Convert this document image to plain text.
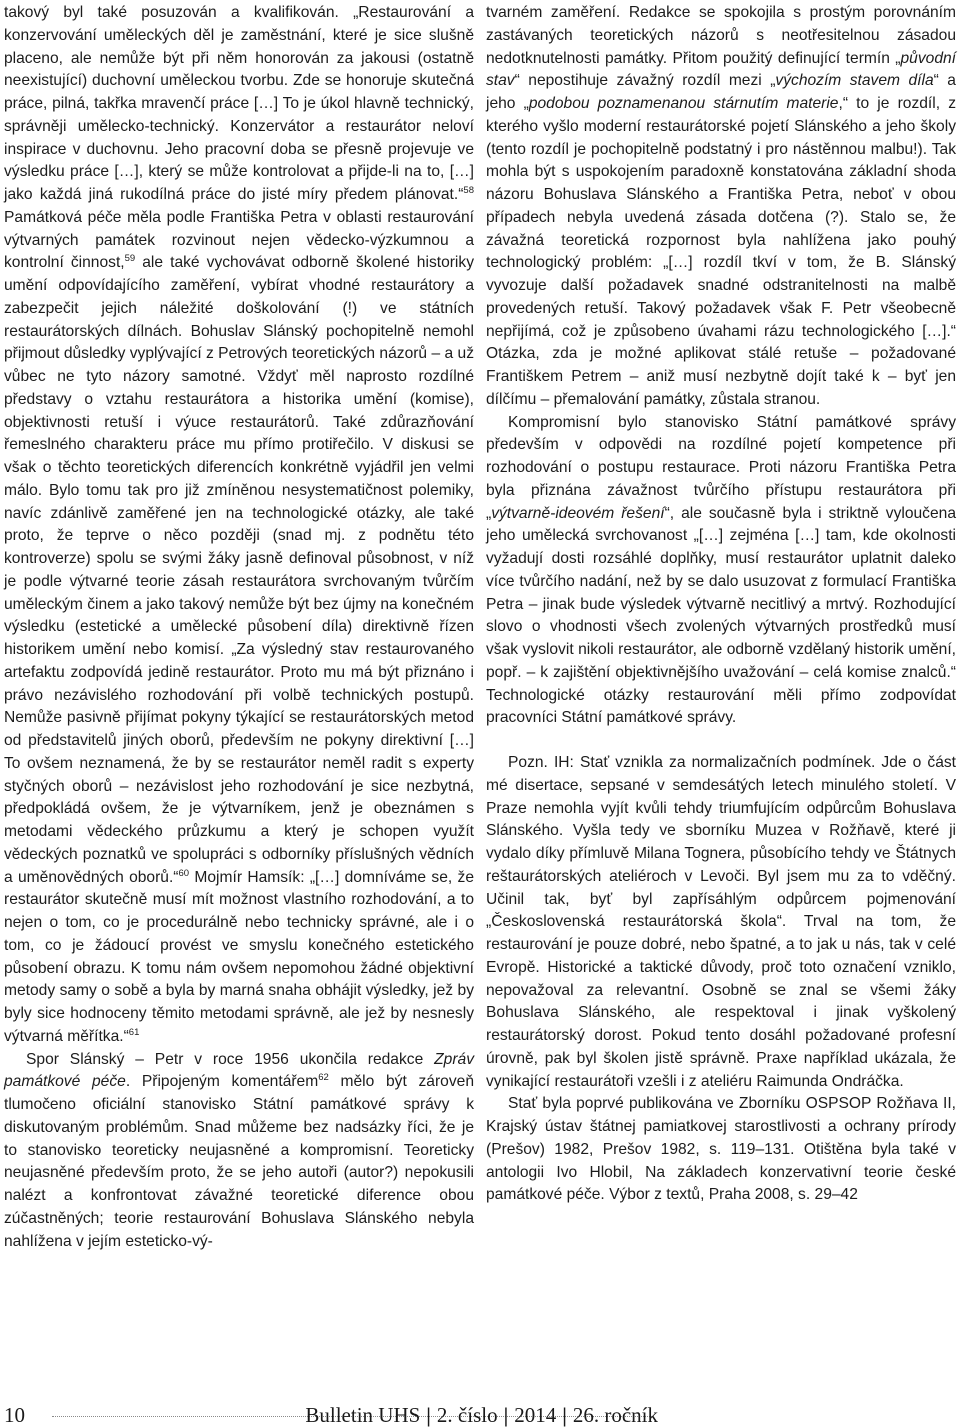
takový byl také posuzován a kvalifikován. „Restaurování a konzervování uměleckých děl je zaměstnání, které je sice slušně placeno, ale nemůže být při něm honorován za jakousi (ostatně neexistující) duchovní uměleckou tvorbu. Zde se honoruje skutečná práce, pilná, takřka mravenčí práce […] To je úkol hlavně technický, správněji umělecko-technický. Konzervátor a restaurátor neloví inspirace v duchovnu. Jeho pracovní doba se přesně projevuje ve výsledku práce […], který se může kontrolovat a přijde-li na to, […] jako každá jiná rukodílná práce do jisté míry předem plánovat.“$^{58}$ Památková péče měla podle Františka Petra v oblasti restaurování výtvarných památek rozvinout nejen vědecko-výzkumnou a kontrolní činnost,$^{59}$ ale také vychovávat odborně školené historiky umění odpovídajícího zaměření, vybírat vhodné restaurátory a zabezpečit jejich náležité doškolování (!) ve státních restaurátorských dílnách. Bohuslav Slánský pochopitelně nemohl přijmout důsledky vyplývající z Petrových teoretických názorů – a už vůbec ne tyto názory samotné. Vždyť měl naprosto rozdílné představy o vztahu restaurátora a historika umění (komise), objektivnosti retuší i výuce restaurátorů. Také zdůrazňování řemeslného charakteru práce mu přímo protiřečilo. V diskusi se však o těchto teoretických diferencích konkrétně vyjádřil jen velmi málo. Bylo tomu tak pro již zmíněnou nesystematičnost polemiky, navíc zdánlivě zaměřené jen na technologické otázky, ale také proto, že teprve o něco později (snad mj. z podnětu této kontroverze) spolu se svými žáky jasně definoval působnost, v níž je podle výtvarné teorie zásah restaurátora svrchovaným tvůrčím uměleckým činem a jako takový nemůže být bez újmy na konečném výsledku (estetické a umělecké působení díla) direktivně řízen historikem umění nebo komisí. „Za výsledný stav restaurovaného artefaktu zodpovídá jedině restaurátor. Proto mu má být přiznáno i právo nezávislého rozhodování při volbě technických postupů. Nemůže pasivně přijímat pokyny týkající se restaurátorských metod od představitelů jiných oborů, především ne pokyny direktivní […] To ovšem neznamená, že by se restaurátor neměl radit s experty styčných oborů – nezávislost jeho rozhodování je sice nezbytná, předpokládá ovšem, že je výtvarníkem, jenž je obeznámen s metodami vědeckého průzkumu a který je schopen využít vědeckých poznatků ve spolupráci s odborníky příslušných vědních a uměnovědných oborů.“$^{60}$ Mojmír Hamsík: „[…] domníváme se, že restaurátor skutečně musí mít možnost vlastního rozhodování, a to nejen o tom, co je procedurálně nebo technicky správné, ale i o tom, co je žádoucí provést ve smyslu konečného estetického působení obrazu. K tomu nám ovšem nepomohou žádné objektivní metody samy o sobě a byla by marná snaha obhájit výsledky, jež by byly sice hodnoceny těmito metodami správně, ale jež by nesnesly výtvarná měřítka.“$^{61}$

Spor Slánský – Petr v roce 1956 ukončila redakce Zpráv památkové péče. Připojeným komentářem$^{62}$ mělo být zároveň tlumočeno oficiální stanovisko Státní památkové správy k diskutovaným problémům. Snad můžeme bez nadsázky říci, že je to stanovisko teoreticky neujasněné a kompromisní. Teoreticky neujasněné především proto, že se jeho autoři (autor?) nepokusili nalézt a konfrontovat závažné teoretické diference obou zúčastněných; teorie restaurování Bohuslava Slánského nebyla nahlížena v jejím esteticko-vý-

tvarném zaměření. Redakce se spokojila s prostým porovnáním zastávaných teoretických názorů s neotřesitelnou zásadou nedotknutelnosti památky. Přitom použitý definující termín „původní stav“ nepostihuje závažný rozdíl mezi „výchozím stavem díla“ a jeho „podobou poznamenanou stárnutím materie,“ to je rozdíl, z kterého vyšlo moderní restaurátorské pojetí Slánského a jeho školy (tento rozdíl je pochopitelně podstatný i pro nástěnnou malbu!). Tak mohla být s uspokojením paradoxně konstatována základní shoda názoru Bohuslava Slánského a Františka Petra, neboť v obou případech nebyla uvedená zásada dotčena (?). Stalo se, že závažná teoretická rozpornost byla nahlížena jako pouhý technologický problém: „[…] rozdíl tkví v tom, že B. Slánský vyvozuje další požadavek snadné odstranitelnosti na malbě provedených retuší. Takový požadavek však F. Petr všeobecně nepřijímá, což je způsobeno úvahami rázu technologického […].“ Otázka, zda je možné aplikovat stálé retuše – požadované Františkem Petrem – aniž musí nezbytně dojít také k – byť jen dílčímu – přemalování památky, zůstala stranou.

Kompromisní bylo stanovisko Státní památkové správy především v odpovědi na rozdílné pojetí kompetence při rozhodování o postupu restaurace. Proti názoru Františka Petra byla přiznána závažnost tvůrčího přístupu restaurátora při „výtvarně-ideovém řešení“, ale současně byla i striktně vyloučena jeho umělecká svrchovanost „[…] zejména […] tam, kde okolnosti vyžadují dosti rozsáhlé doplňky, musí restaurátor uplatnit daleko více tvůrčího nadání, než by se dalo usuzovat z formulací Františka Petra – jinak bude výsledek výtvarně necitlivý a mrtvý. Rozhodující slovo o vhodnosti všech zvolených výtvarných prostředků musí však vyslovit nikoli restaurátor, ale odborně vzdělaný historik umění, popř. – k zajištění objektivnějšího uvažování – celá komise znalců.“ Technologické otázky restaurování měli přímo zodpovídat pracovníci Státní památkové správy.

Pozn. IH: Stať vznikla za normalizačních podmínek. Jde o část mé disertace, sepsané v semdesátých letech minulého století. V Praze nemohla vyjít kvůli tehdy triumfujícím odpůrcům Bohuslava Slánského. Vyšla tedy ve sborníku Muzea v Rožňavě, které ji vydalo díky přímluvě Milana Tognera, působícího tehdy ve Štátnych reštaurátorských ateliéroch v Levoči. Byl jsem mu za to vděčný. Učinil tak, byť byl zapřísáhlým odpůrcem pojmenování „Československá restaurátorská škola“. Trval na tom, že restaurování je pouze dobré, nebo špatné, a to jak u nás, tak v celé Evropě. Historické a taktické důvody, proč toto označení vzniklo, nepovažoval za relevantní. Osobně se znal se všemi žáky Bohuslava Slánského, ale respektoval i jinak vyškolený restaurátorský dorost. Pokud tento dosáhl požadované profesní úrovně, pak byl školen jistě správně. Praxe například ukázala, že vynikající restaurátoři vzešli i z ateliéru Raimunda Ondráčka.

Stať byla poprvé publikována ve Zborníku OSPSOP Rožňava II, Krajský ústav štátnej pamiatkovej starostlivosti a ochrany prírody (Prešov) 1982, Prešov 1982, s. 119–131. Otištěna byla také v antologii Ivo Hlobil, Na základech konzervativní teorie české památkové péče. Výbor z textů, Praha 2008, s. 29–42

10	Bulletin UHS | 2. číslo | 2014 | 26. ročník
